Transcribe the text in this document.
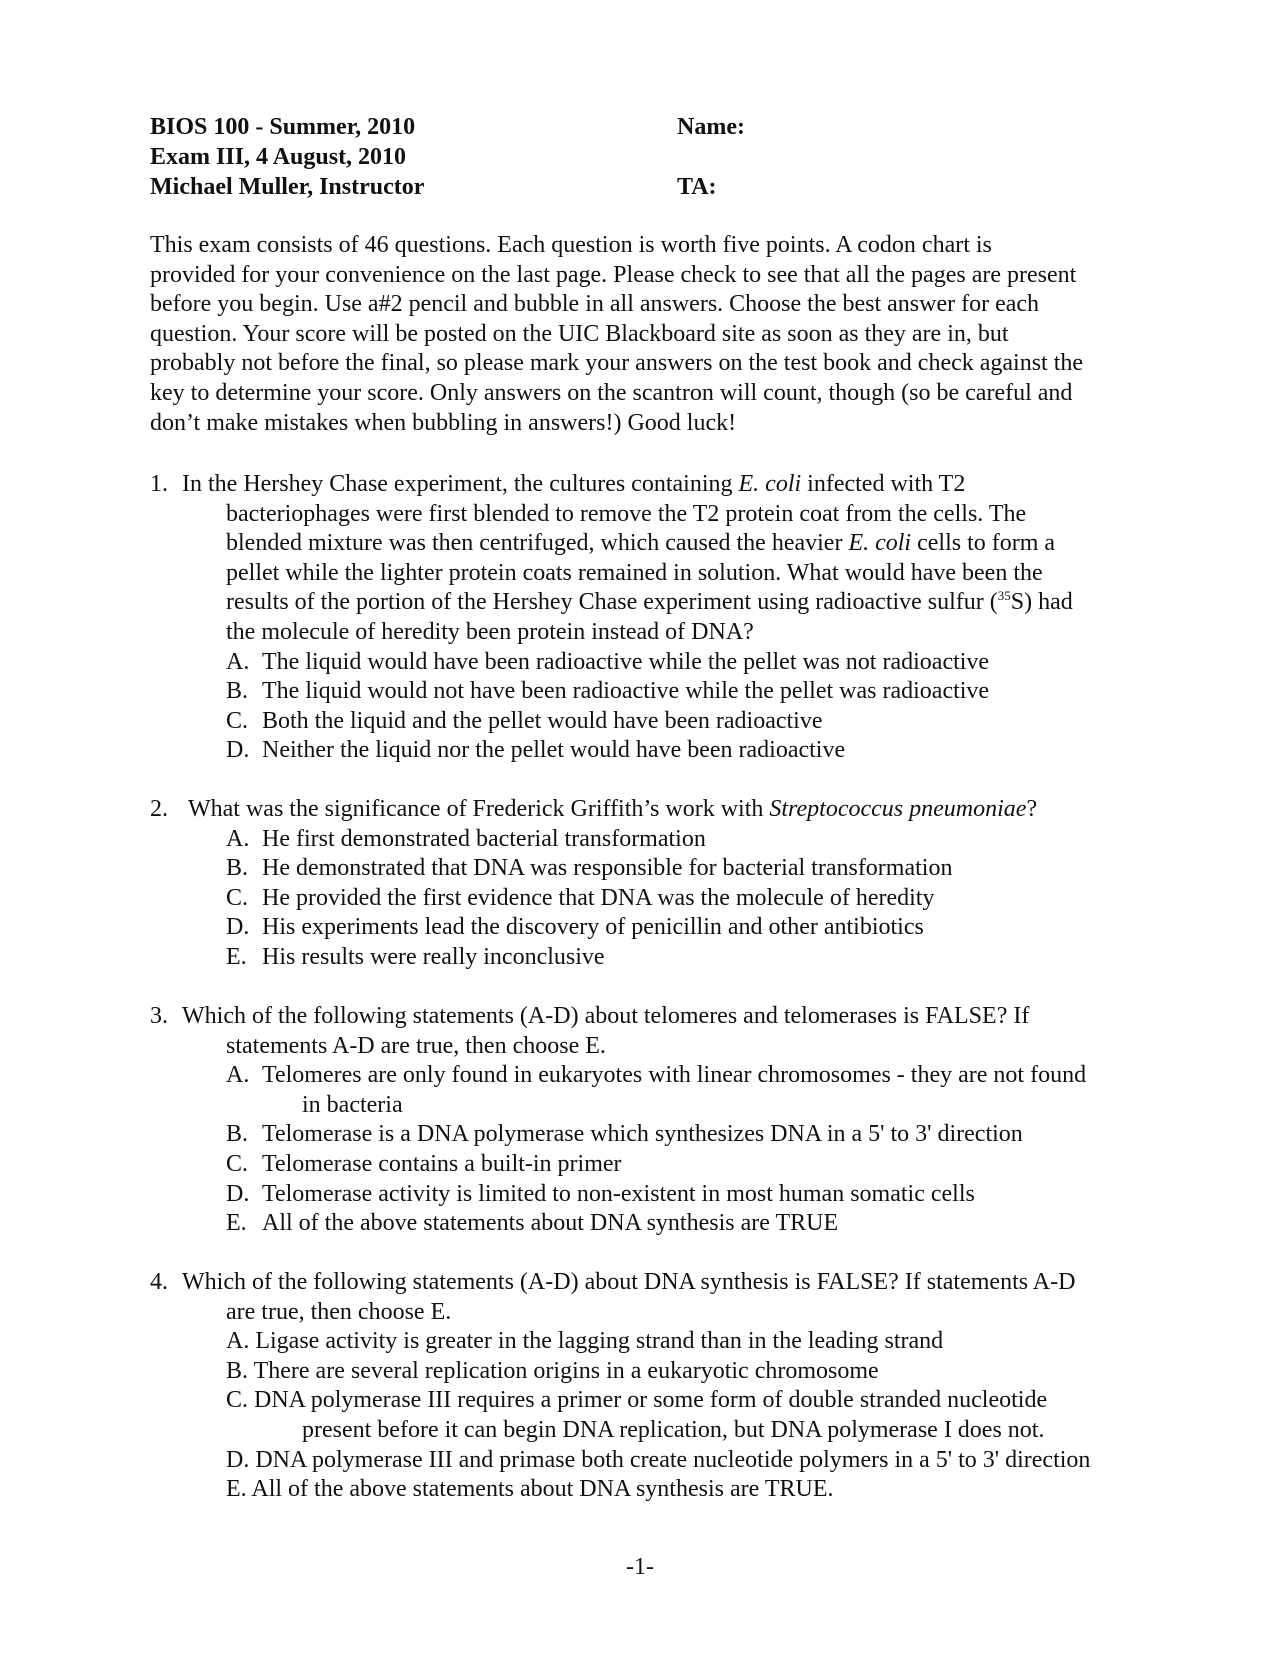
BIOS 100 - Summer, 2010	Name:
Exam III, 4 August, 2010
Michael Muller, Instructor	TA:
This exam consists of 46 questions. Each question is worth five points. A codon chart is
provided for your convenience on the last page. Please check to see that all the pages are present
before you begin. Use a#2 pencil and bubble in all answers. Choose the best answer for each
question. Your score will be posted on the UIC Blackboard site as soon as they are in, but
probably not before the final, so please mark your answers on the test book and check against the
key to determine your score. Only answers on the scantron will count, though (so be careful and
don’t make mistakes when bubbling in answers!) Good luck!
1. In the Hershey Chase experiment, the cultures containing E. coli infected with T2
bacteriophages were first blended to remove the T2 protein coat from the cells. The
blended mixture was then centrifuged, which caused the heavier E. coli cells to form a
pellet while the lighter protein coats remained in solution. What would have been the
results of the portion of the Hershey Chase experiment using radioactive sulfur ($^{35}$S) had
the molecule of heredity been protein instead of DNA?
A. The liquid would have been radioactive while the pellet was not radioactive
B. The liquid would not have been radioactive while the pellet was radioactive
C. Both the liquid and the pellet would have been radioactive
D. Neither the liquid nor the pellet would have been radioactive
2. What was the significance of Frederick Griffith’s work with Streptococcus pneumoniae?
A. He first demonstrated bacterial transformation
B. He demonstrated that DNA was responsible for bacterial transformation
C. He provided the first evidence that DNA was the molecule of heredity
D. His experiments lead the discovery of penicillin and other antibiotics
E. His results were really inconclusive
3. Which of the following statements (A-D) about telomeres and telomerases is FALSE? If
statements A-D are true, then choose E.
A. Telomeres are only found in eukaryotes with linear chromosomes - they are not found
in bacteria
B. Telomerase is a DNA polymerase which synthesizes DNA in a 5' to 3' direction
C. Telomerase contains a built-in primer
D. Telomerase activity is limited to non-existent in most human somatic cells
E. All of the above statements about DNA synthesis are TRUE
4. Which of the following statements (A-D) about DNA synthesis is FALSE? If statements A-D
are true, then choose E.
A. Ligase activity is greater in the lagging strand than in the leading strand
B. There are several replication origins in a eukaryotic chromosome
C. DNA polymerase III requires a primer or some form of double stranded nucleotide
present before it can begin DNA replication, but DNA polymerase I does not.
D. DNA polymerase III and primase both create nucleotide polymers in a 5' to 3' direction
E. All of the above statements about DNA synthesis are TRUE.
-1-
